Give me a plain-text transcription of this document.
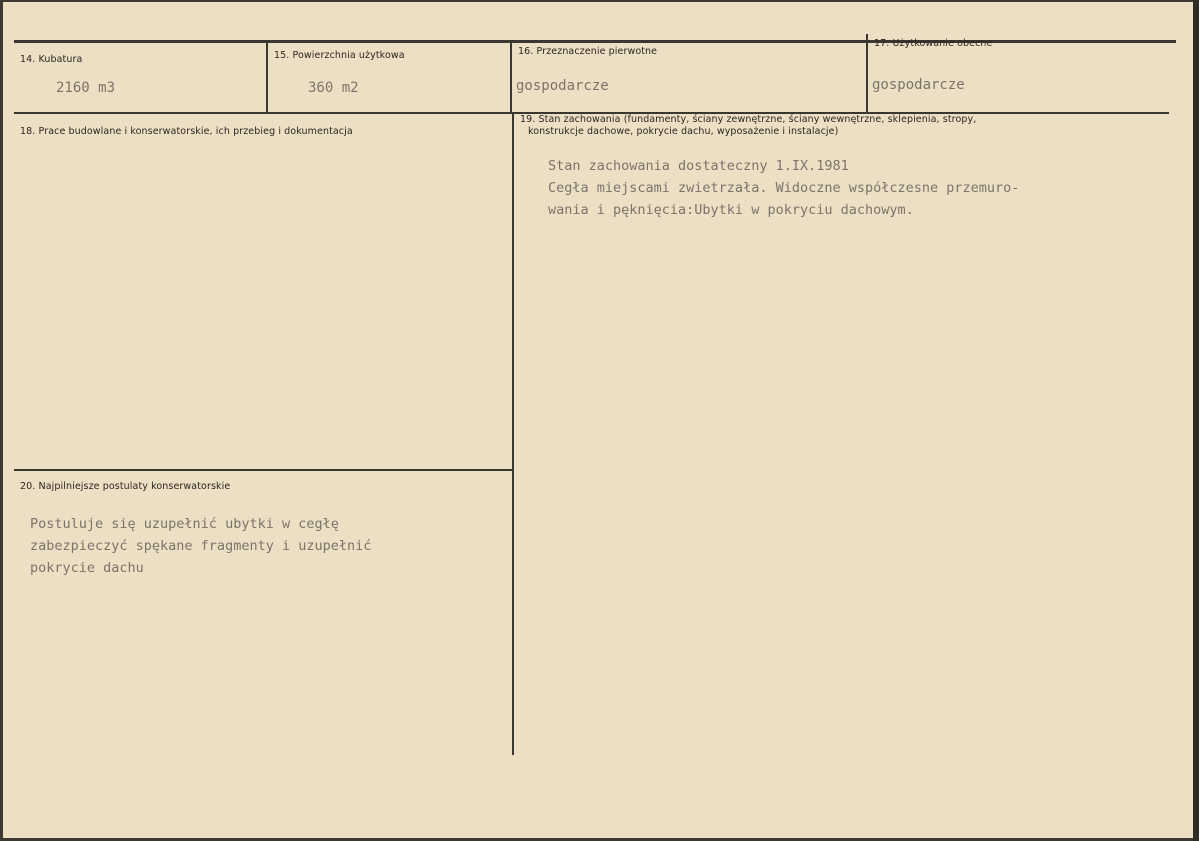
14. Kubatura
2160 m3
15. Powierzchnia użytkowa
360 m2
16. Przeznaczenie pierwotne
gospodarcze
17. Użytkowanie obecne
gospodarcze
18. Prace budowlane i konserwatorskie, ich przebieg i dokumentacja
19. Stan zachowania (fundamenty, ściany zewnętrzne, ściany wewnętrzne, sklepienia, stropy,
konstrukcje dachowe, pokrycie dachu, wyposażenie i instalacje)
Stan zachowania dostateczny 1.IX.1981
Cegła miejscami zwietrzała. Widoczne współczesne przemuro-
wania i pęknięcia:Ubytki w pokryciu dachowym.
20. Najpilniejsze postulaty konserwatorskie
Postuluje się uzupełnić ubytki w cegłę
zabezpieczyć spękane fragmenty i uzupełnić
pokrycie dachu
